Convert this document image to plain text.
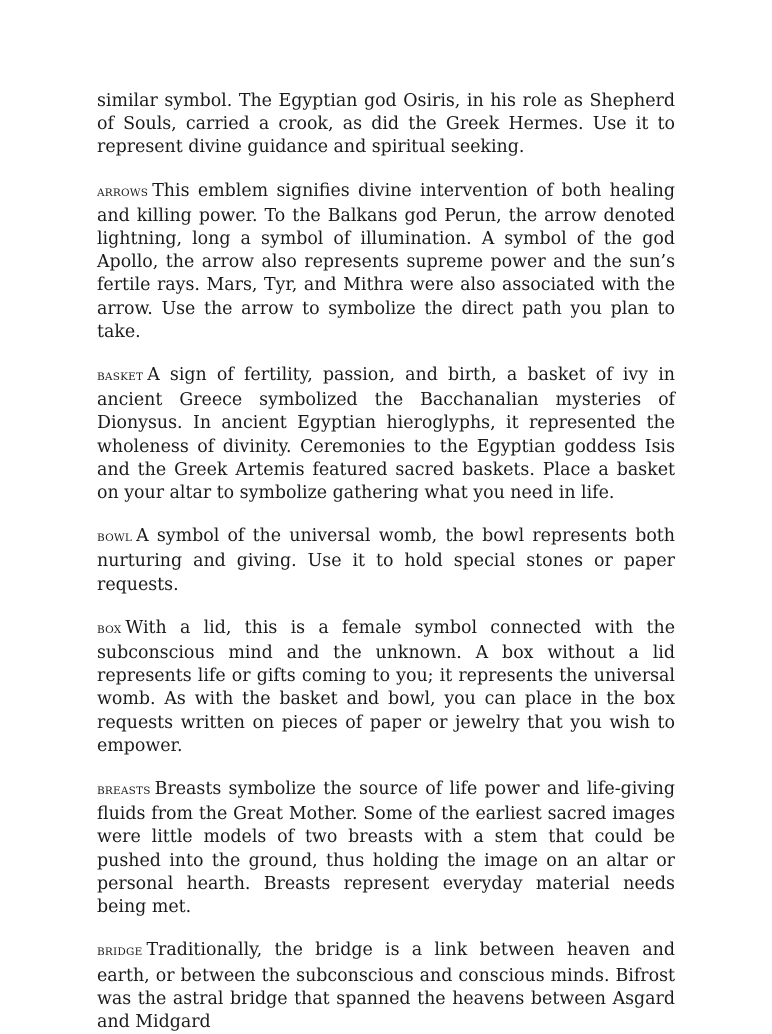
similar symbol. The Egyptian god Osiris, in his role as Shepherd of Souls, carried a crook, as did the Greek Hermes. Use it to represent divine guidance and spiritual seeking.

ARROWS This emblem signifies divine intervention of both healing and killing power. To the Balkans god Perun, the arrow denoted lightning, long a symbol of illumination. A symbol of the god Apollo, the arrow also represents supreme power and the sun’s fertile rays. Mars, Tyr, and Mithra were also associated with the arrow. Use the arrow to symbolize the direct path you plan to take.

BASKET A sign of fertility, passion, and birth, a basket of ivy in ancient Greece symbolized the Bacchanalian mysteries of Dionysus. In ancient Egyptian hieroglyphs, it represented the wholeness of divinity. Ceremonies to the Egyptian goddess Isis and the Greek Artemis featured sacred baskets. Place a basket on your altar to symbolize gathering what you need in life.

BOWL A symbol of the universal womb, the bowl represents both nurturing and giving. Use it to hold special stones or paper requests.

BOX With a lid, this is a female symbol connected with the subconscious mind and the unknown. A box without a lid represents life or gifts coming to you; it represents the universal womb. As with the basket and bowl, you can place in the box requests written on pieces of paper or jewelry that you wish to empower.

BREASTS Breasts symbolize the source of life power and life-giving fluids from the Great Mother. Some of the earliest sacred images were little models of two breasts with a stem that could be pushed into the ground, thus holding the image on an altar or personal hearth. Breasts represent everyday material needs being met.

BRIDGE Traditionally, the bridge is a link between heaven and earth, or between the subconscious and conscious minds. Bifrost was the astral bridge that spanned the heavens between Asgard and Midgard
